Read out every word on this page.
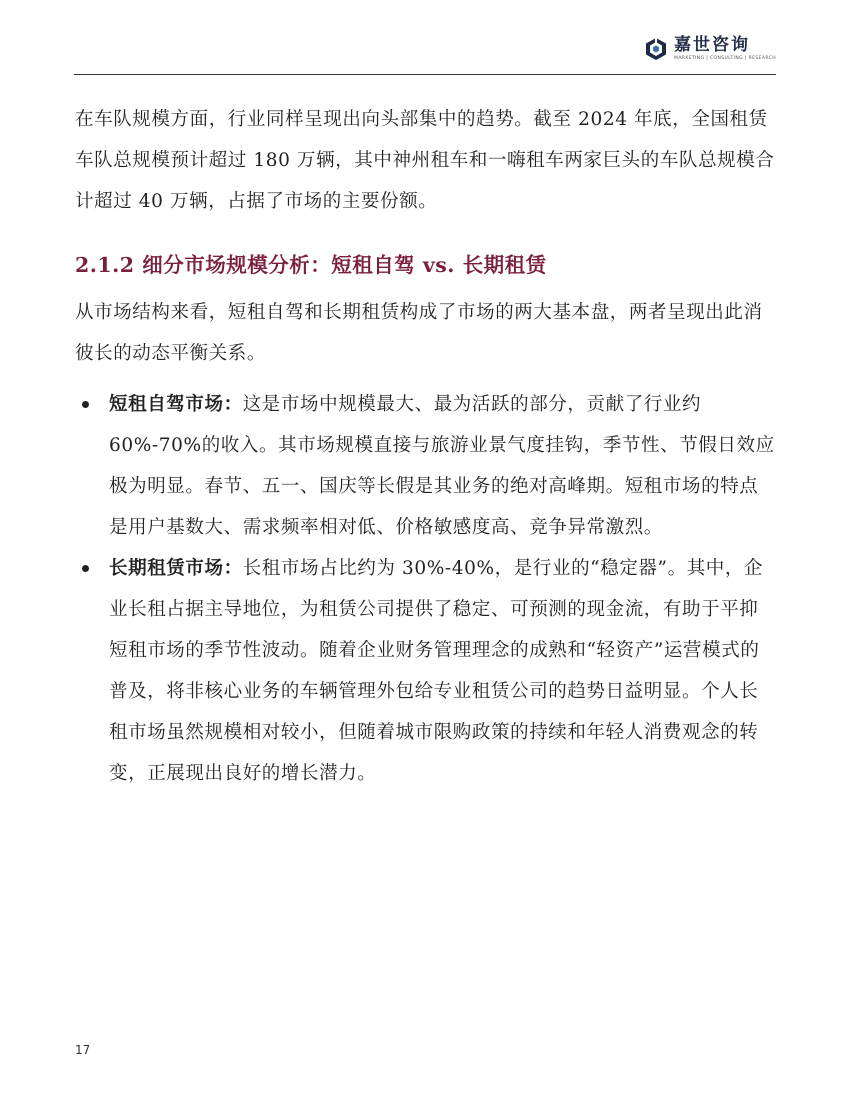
嘉世咨询
MARKETING | CONSULTING | RESEARCH

在车队规模方面，行业同样呈现出向头部集中的趋势。截至 2024 年底，全国租赁车队总规模预计超过 180 万辆，其中神州租车和一嗨租车两家巨头的车队总规模合计超过 40 万辆，占据了市场的主要份额。

2.1.2 细分市场规模分析：短租自驾 vs. 长期租赁

从市场结构来看，短租自驾和长期租赁构成了市场的两大基本盘，两者呈现出此消彼长的动态平衡关系。

短租自驾市场：这是市场中规模最大、最为活跃的部分，贡献了行业约 60%-70%的收入。其市场规模直接与旅游业景气度挂钩，季节性、节假日效应极为明显。春节、五一、国庆等长假是其业务的绝对高峰期。短租市场的特点是用户基数大、需求频率相对低、价格敏感度高、竞争异常激烈。
长期租赁市场：长租市场占比约为 30%-40%，是行业的“稳定器”。其中，企业长租占据主导地位，为租赁公司提供了稳定、可预测的现金流，有助于平抑短租市场的季节性波动。随着企业财务管理理念的成熟和“轻资产”运营模式的普及，将非核心业务的车辆管理外包给专业租赁公司的趋势日益明显。个人长租市场虽然规模相对较小，但随着城市限购政策的持续和年轻人消费观念的转变，正展现出良好的增长潜力。
17
